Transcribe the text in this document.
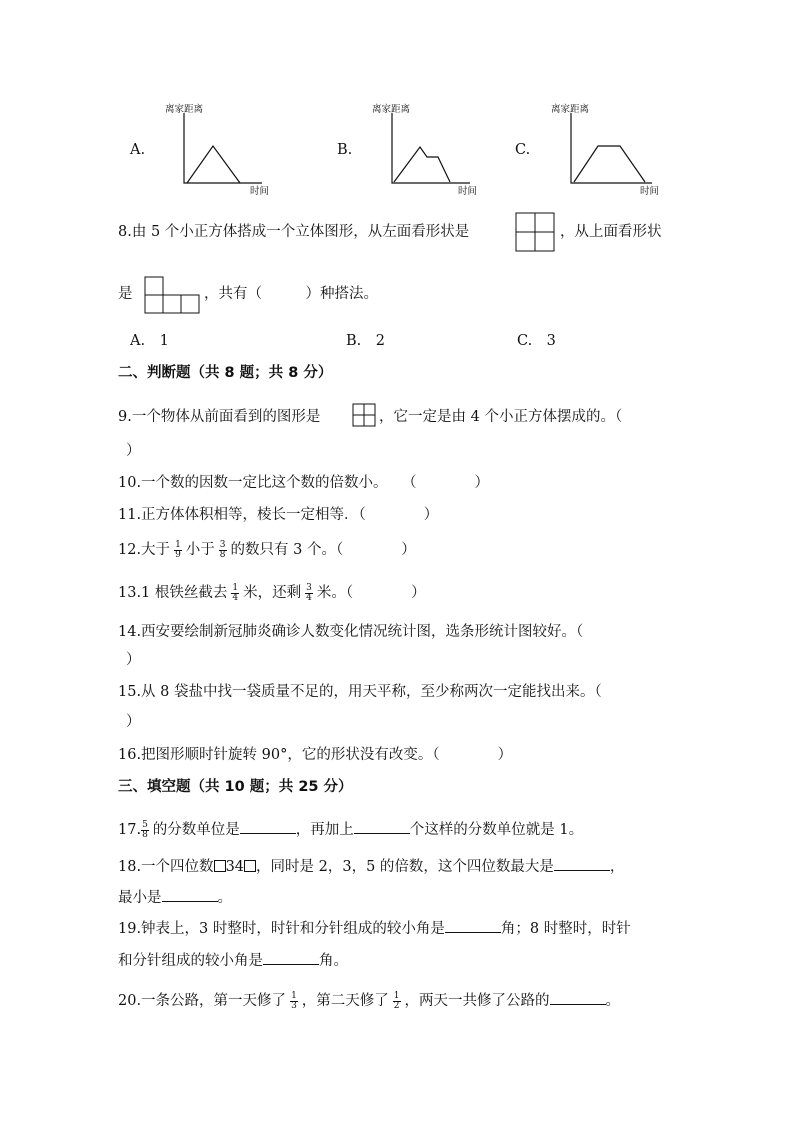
A.
离家距离
时间
B.
离家距离
时间
C.
离家距离
时间
8.由 5 个小正方体搭成一个立体图形，从左面看形状是	，从上面看形状
是	，共有（　　　）种搭法。
A.　1	B.　2	C.　3
二、判断题（共 8 题；共 8 分）
9.一个物体从前面看到的图形是	，它一定是由 4 个小正方体摆成的。（
）
10.一个数的因数一定比这个数的倍数小。　　（　　　　）
11.正方体体积相等，棱长一定相等．（　　　　）
12.大于 $\frac{1}{9}$ 小于 $\frac{3}{8}$ 的数只有 3 个。（　　　　）
13.1 根铁丝截去 $\frac{1}{4}$ 米，还剩 $\frac{3}{4}$ 米。（　　　　）
14.西安要绘制新冠肺炎确诊人数变化情况统计图，选条形统计图较好。（
）
15.从 8 袋盐中找一袋质量不足的，用天平称，至少称两次一定能找出来。（
）
16.把图形顺时针旋转 90°，它的形状没有改变。（　　　　）
三、填空题（共 10 题；共 25 分）
17. $\frac{5}{8}$ 的分数单位是	，再加上	个这样的分数单位就是 1。
18.一个四位数 34 ，同时是 2，3，5 的倍数，这个四位数最大是	，
最小是	。
19.钟表上，3 时整时，时针和分针组成的较小角是	角；8 时整时，时针
和分针组成的较小角是	角。
20.一条公路，第一天修了 $\frac{1}{3}$ ，第二天修了 $\frac{1}{2}$ ，两天一共修了公路的	。
